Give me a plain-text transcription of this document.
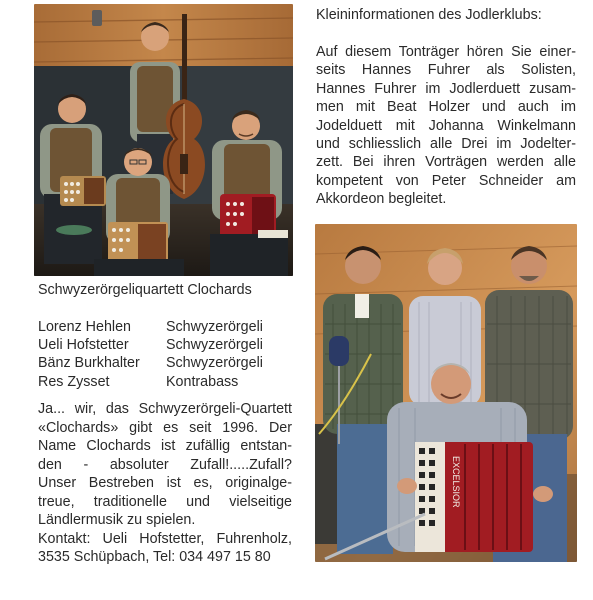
Schwyzerörgeliquartett Clochards
Lorenz Hehlen	Schwyzerörgeli
Ueli Hofstetter	Schwyzerörgeli
Bänz Burkhalter	Schwyzerörgeli
Res Zysset	Kontrabass
Ja... wir, das Schwyzerörgeli-Quartett
«Clochards» gibt es seit 1996. Der
Name Clochards ist zufällig entstan-
den - absoluter Zufall!.....Zufall?
Unser Bestreben ist es, originalge-
treue, traditionelle und vielseitige
Ländlermusik zu spielen.
Kontakt: Ueli Hofstetter, Fuhrenholz,
3535 Schüpbach, Tel: 034 497 15 80
Kleininformationen des Jodlerklubs:
Auf diesem Tonträger hören Sie einer-
seits Hannes Fuhrer als Solisten,
Hannes Fuhrer im Jodlerduett zusam-
men mit Beat Holzer und auch im
Jodelduett mit Johanna Winkelmann
und schliesslich alle Drei im Jodelter-
zett. Bei ihren Vorträgen werden alle
kompetent von Peter Schneider am
Akkordeon begleitet.
EXCELSIOR
